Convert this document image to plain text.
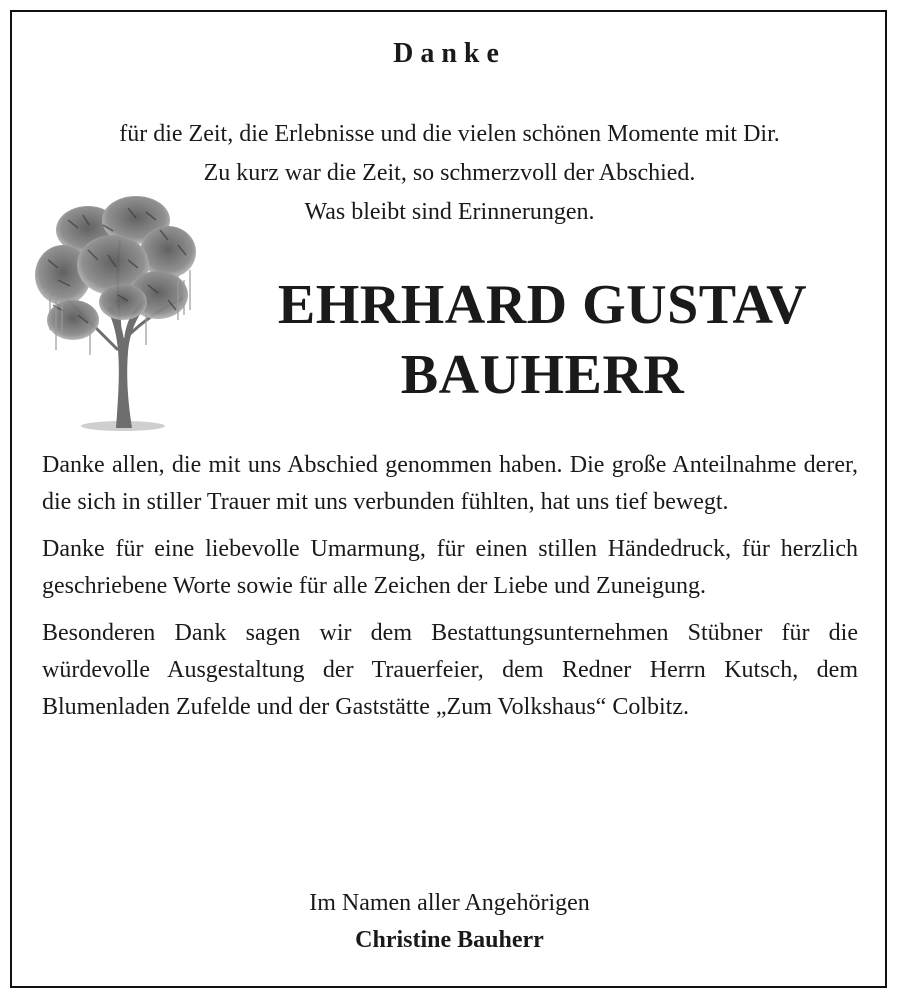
Danke
für die Zeit, die Erlebnisse und die vielen schönen Momente mit Dir.
Zu kurz war die Zeit, so schmerzvoll der Abschied.
Was bleibt sind Erinnerungen.
EHRHARD GUSTAV
BAUHERR

Danke allen, die mit uns Abschied genommen haben. Die große Anteilnahme derer, die sich in stiller Trauer mit uns verbunden fühlten, hat uns tief bewegt.

Danke für eine liebevolle Umarmung, für einen stillen Händedruck, für herzlich geschriebene Worte sowie für alle Zeichen der Liebe und Zuneigung.

Besonderen Dank sagen wir dem Bestattungsunternehmen Stübner für die würdevolle Ausgestaltung der Trauerfeier, dem Redner Herrn Kutsch, dem Blumenladen Zufelde und der Gaststätte „Zum Volkshaus“ Colbitz.

Im Namen aller Angehörigen
Christine Bauherr
